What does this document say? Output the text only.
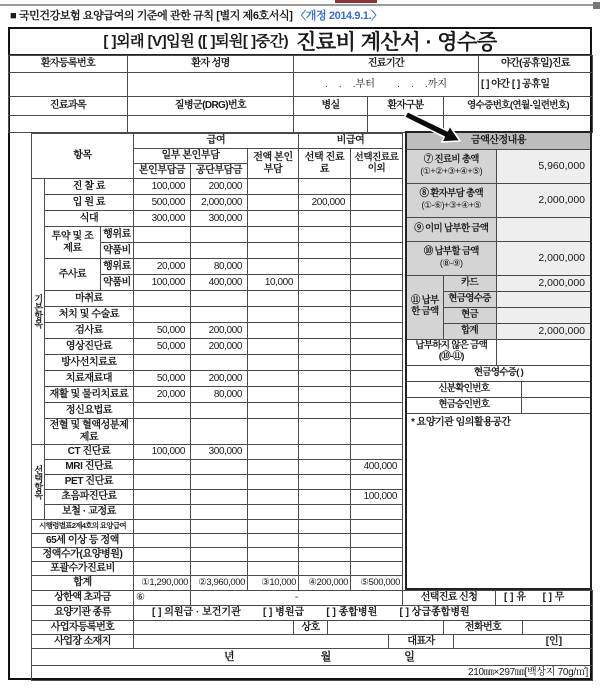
■ 국민건강보험 요양급여의 기준에 관한 규칙 [별지 제6호서식] 〈개정 2014.9.1.〉
[ ]외래 [V]입원 ([ ]퇴원[ ]중간) 진료비 계산서 · 영수증
환자등록번호	환자 성명	진료기간	야간(공휴일)진료
		.    .    .부터        .    .    .까지	[ ] 야간 [ ] 공휴일
진료과목	질병군(DRG)번호	병실	환자구분	영수증번호(연월-일련번호)

항목			급여			비급여	
			일부 본인부담		전액 본인부담	선택 진료료	선택진료료 이외
			본인부담금	공단부담금			
기본항목	진 찰 료		100,000	200,000			
	입 원 료		500,000	2,000,000		200,000	
	식대		300,000	300,000			
	투약 및 조제료	행위료					
		약품비					
	주사료	행위료	20,000	80,000			
		약품비	100,000	400,000	10,000		
	마취료						
	처치 및 수술료						
	검사료		50,000	200,000			
	영상진단료		50,000	200,000			
	방사선치료료						
	치료재료대		50,000	200,000			
	재활 및 물리치료료		20,000	80,000			
	정신요법료						
	전혈 및 혈액성분제제료						
선택항목	CT 진단료		100,000	300,000			
	MRI 진단료						400,000
	PET 진단료						
	초음파진단료						100,000
	보철 · 교정료						
시행령별표2제4호의 요양급여							
65세 이상 등 정액							
정액수가(요양병원)							
포괄수가진료비							
합계			①1,290,000	②3,960,000	③10,000	④200,000	⑤500,000
금액산정내용			

⑦ 진료비 총액
(①+②+③+④+⑤)		5,960,000	

⑧ 환자부담 총액
(①-⑥)+③+④+⑤		2,000,000	
⑨ 이미 납부한 금액			

⑩ 납부할 금액
(⑧-⑨)		2,000,000	
⑪ 납부 한 금액	카드	2,000,000	
	현금영수증		
	현금		
	합계	2,000,000	
납부하지 않은 금액 (⑩-⑪)			
현금영수증( )			
신분확인번호			
현금승인번호			
* 요양기관 임의활용공간			
상한액 초과금	⑥	-				선택진료 신청			[ ] 유      [ ] 무	
요양기관 종류	[ ] 의원급 · 보건기관        [ ] 병원급        [ ] 종합병원        [ ] 상급종합병원									
사업자등록번호			상호				전화번호			
사업장 소재지					대표자			[인]		

년 월 일										

210㎜×297㎜[백상지 70g/㎡]										
